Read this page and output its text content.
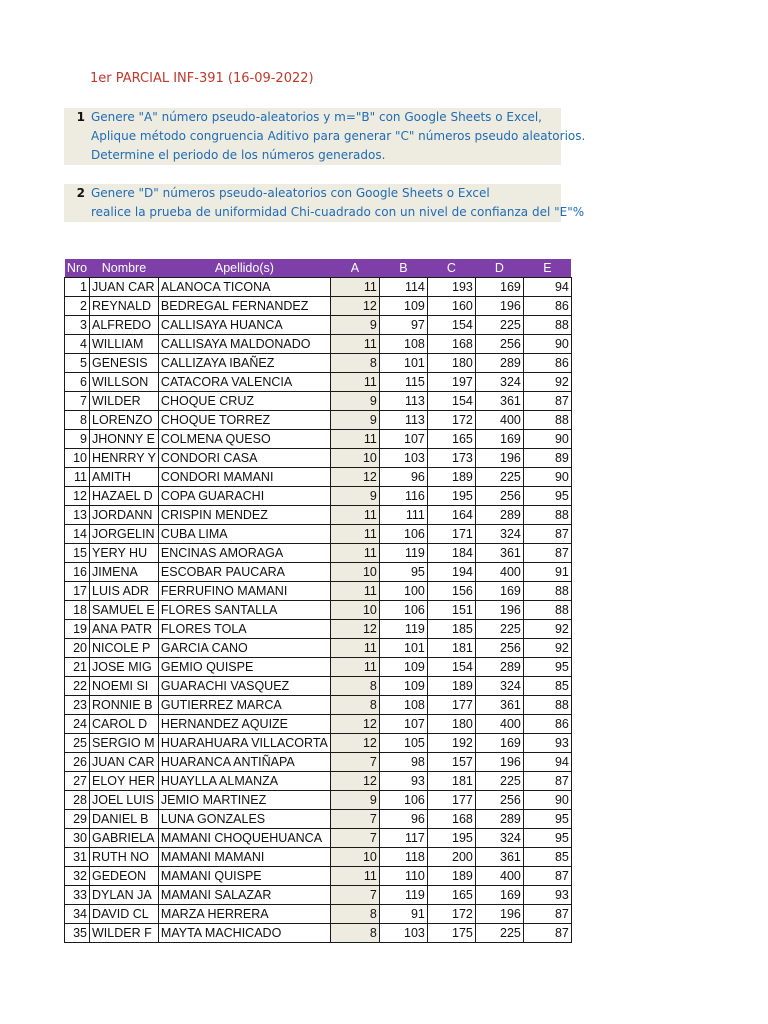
1er PARCIAL INF-391 (16-09-2022)
1 Genere "A" número pseudo-aleatorios y m="B" con Google Sheets o Excel,
Aplique método congruencia Aditivo para generar "C" números pseudo aleatorios.
Determine el periodo de los números generados.
2 Genere "D" números pseudo-aleatorios con Google Sheets o Excel
realice la prueba de uniformidad Chi-cuadrado con un nivel de confianza del "E"%
Nro	Nombre	Apellido(s)	A	B	C	D	E
1	JUAN CAR	ALANOCA TICONA	11	114	193	169	94
2	REYNALD	BEDREGAL FERNANDEZ	12	109	160	196	86
3	ALFREDO	CALLISAYA HUANCA	9	97	154	225	88
4	WILLIAM	CALLISAYA MALDONADO	11	108	168	256	90
5	GENESIS	CALLIZAYA IBAÑEZ	8	101	180	289	86
6	WILLSON	CATACORA VALENCIA	11	115	197	324	92
7	WILDER	CHOQUE CRUZ	9	113	154	361	87
8	LORENZO	CHOQUE TORREZ	9	113	172	400	88
9	JHONNY E	COLMENA QUESO	11	107	165	169	90
10	HENRRY Y	CONDORI CASA	10	103	173	196	89
11	AMITH	CONDORI MAMANI	12	96	189	225	90
12	HAZAEL D	COPA GUARACHI	9	116	195	256	95
13	JORDANN	CRISPIN MENDEZ	11	111	164	289	88
14	JORGELIN	CUBA LIMA	11	106	171	324	87
15	YERY HU	ENCINAS AMORAGA	11	119	184	361	87
16	JIMENA	ESCOBAR PAUCARA	10	95	194	400	91
17	LUIS ADR	FERRUFINO MAMANI	11	100	156	169	88
18	SAMUEL E	FLORES SANTALLA	10	106	151	196	88
19	ANA PATR	FLORES TOLA	12	119	185	225	92
20	NICOLE P	GARCIA CANO	11	101	181	256	92
21	JOSE MIG	GEMIO QUISPE	11	109	154	289	95
22	NOEMI SI	GUARACHI VASQUEZ	8	109	189	324	85
23	RONNIE B	GUTIERREZ MARCA	8	108	177	361	88
24	CAROL D	HERNANDEZ AQUIZE	12	107	180	400	86
25	SERGIO M	HUARAHUARA VILLACORTA	12	105	192	169	93
26	JUAN CAR	HUARANCA ANTIÑAPA	7	98	157	196	94
27	ELOY HER	HUAYLLA ALMANZA	12	93	181	225	87
28	JOEL LUIS	JEMIO MARTINEZ	9	106	177	256	90
29	DANIEL B	LUNA GONZALES	7	96	168	289	95
30	GABRIELA	MAMANI CHOQUEHUANCA	7	117	195	324	95
31	RUTH NO	MAMANI MAMANI	10	118	200	361	85
32	GEDEON	MAMANI QUISPE	11	110	189	400	87
33	DYLAN JA	MAMANI SALAZAR	7	119	165	169	93
34	DAVID CL	MARZA HERRERA	8	91	172	196	87
35	WILDER F	MAYTA MACHICADO	8	103	175	225	87
